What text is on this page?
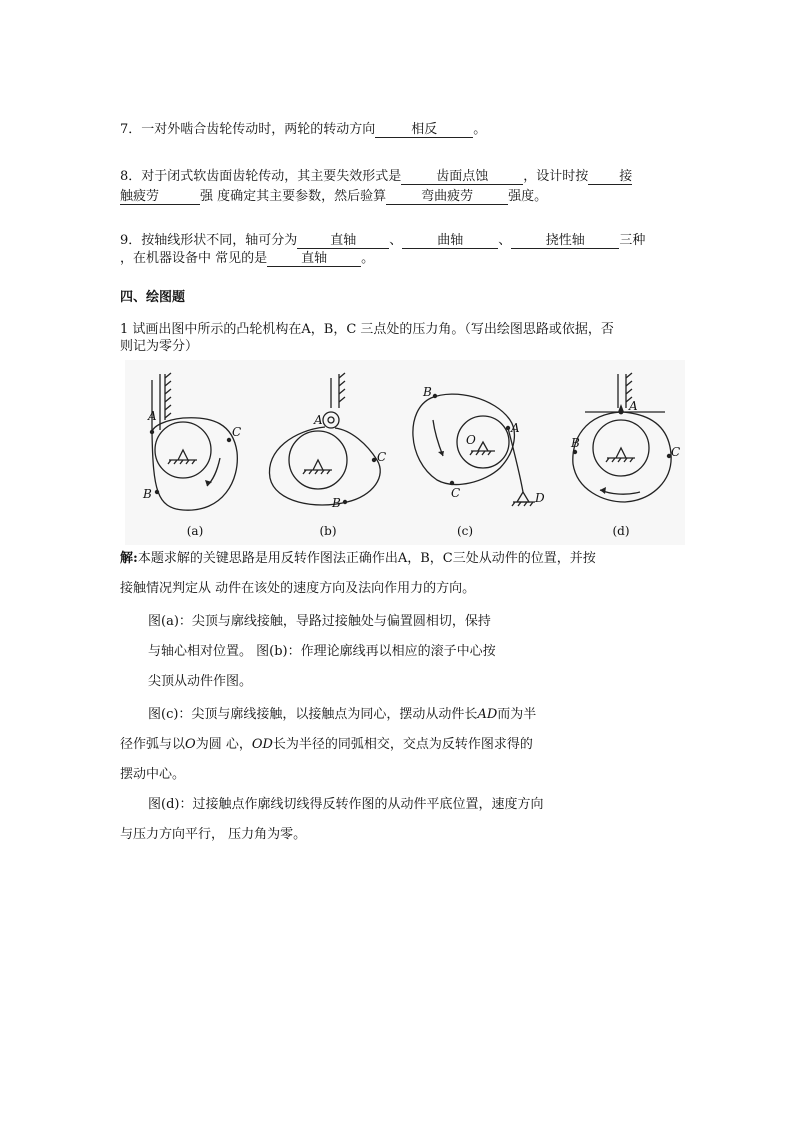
7．一对外啮合齿轮传动时，两轮的转动方向	相反	。
8．对于闭式软齿面齿轮传动，其主要失效形式是	齿面点蚀	，设计时按 接
触疲劳	强 度确定其主要参数，然后验算	弯曲疲劳	强度。
9．按轴线形状不同，轴可分为	直轴	、	曲轴	、	挠性轴	三种
，在机器设备中 常见的是	直轴	。
四、绘图题
1 试画出图中所示的凸轮机构在A，B，C 三点处的压力角。（写出绘图思路或依据，否
则记为零分）
A
C
B
A
C
B
B
A
O
C	D
A
B
C
(a)	(b)	(c)	(d)
解:本题求解的关键思路是用反转作图法正确作出A，B，C三处从动件的位置，并按
接触情况判定从 动件在该处的速度方向及法向作用力的方向。
图(a)：尖顶与廓线接触，导路过接触处与偏置圆相切，保持
与轴心相对位置。 图(b)：作理论廓线再以相应的滚子中心按
尖顶从动件作图。
图(c)：尖顶与廓线接触，以接触点为同心，摆动从动件长AD而为半
径作弧与以O为圆 心，OD长为半径的同弧相交，交点为反转作图求得的
摆动中心。
图(d)：过接触点作廓线切线得反转作图的从动件平底位置，速度方向
与压力方向平行， 压力角为零。
